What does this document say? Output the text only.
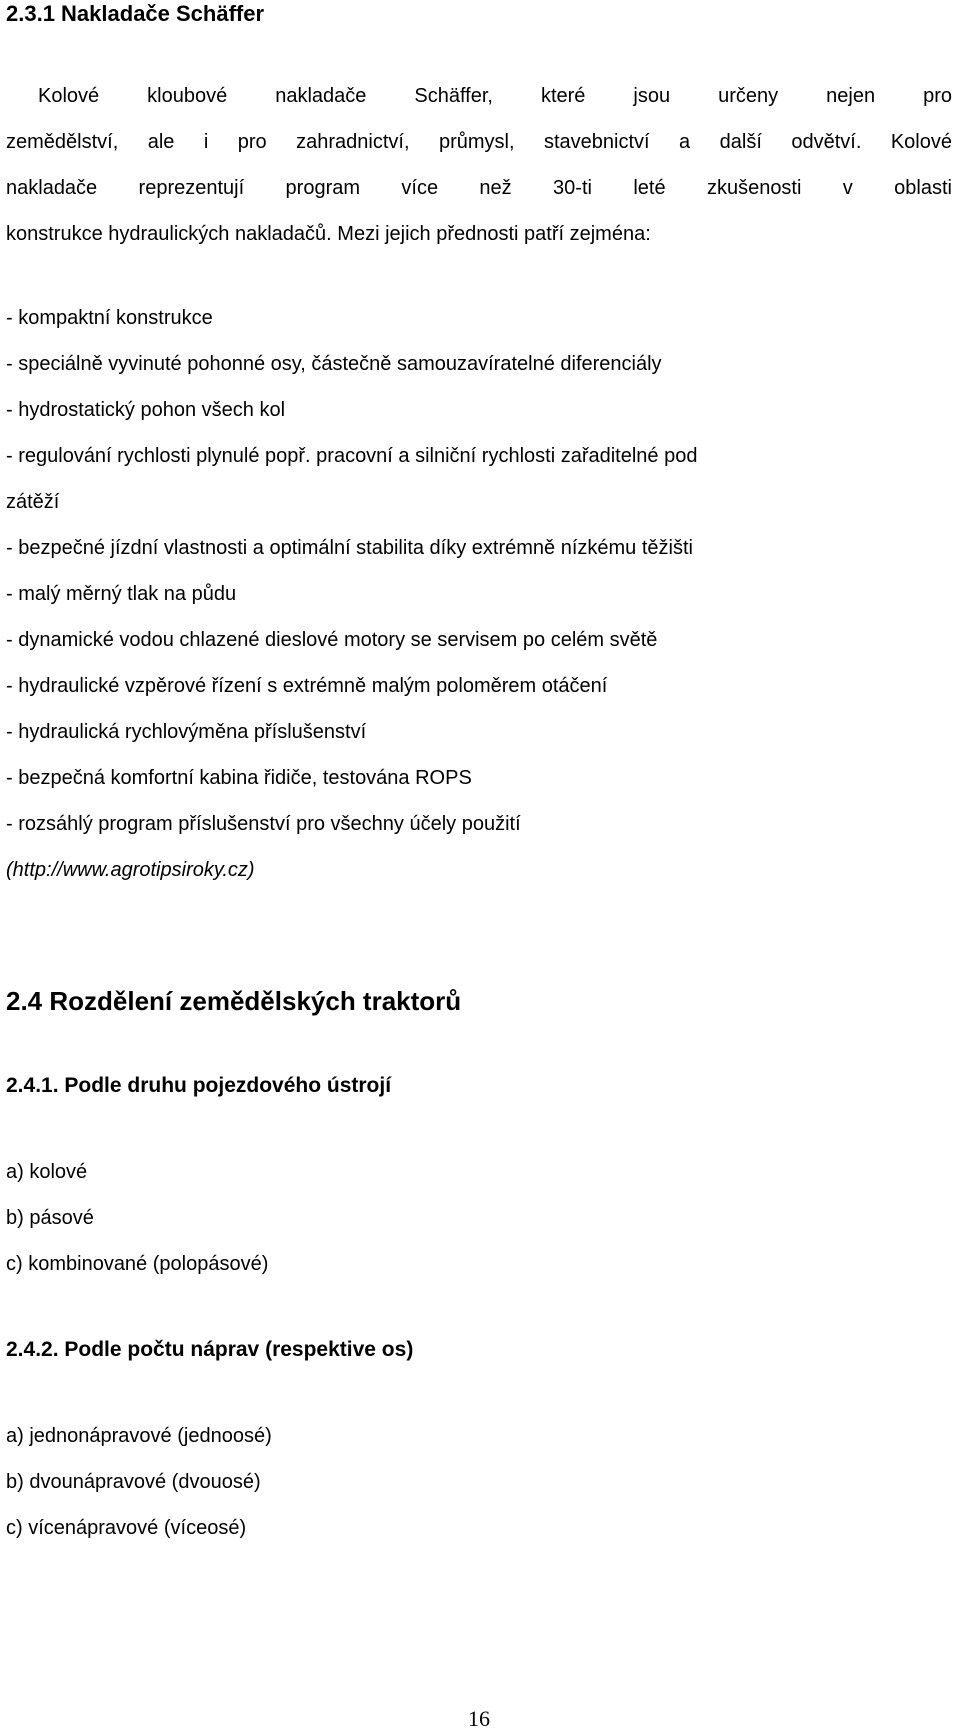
2.3.1 Nakladače Schäffer
Kolové kloubové nakladače Schäffer, které jsou určeny nejen pro
zemědělství, ale i pro zahradnictví, průmysl, stavebnictví a další odvětví. Kolové
nakladače reprezentují program více než 30-ti leté zkušenosti v oblasti
konstrukce hydraulických nakladačů. Mezi jejich přednosti patří zejména:
- kompaktní konstrukce
- speciálně vyvinuté pohonné osy, částečně samouzavíratelné diferenciály
- hydrostatický pohon všech kol
- regulování rychlosti plynulé popř. pracovní a silniční rychlosti zařaditelné pod
zátěží
- bezpečné jízdní vlastnosti a optimální stabilita díky extrémně nízkému těžišti
- malý měrný tlak na půdu
- dynamické vodou chlazené dieslové motory se servisem po celém světě
- hydraulické vzpěrové řízení s extrémně malým poloměrem otáčení
- hydraulická rychlovýměna příslušenství
- bezpečná komfortní kabina řidiče, testována ROPS
- rozsáhlý program příslušenství pro všechny účely použití
(http://www.agrotipsiroky.cz)
2.4 Rozdělení zemědělských traktorů
2.4.1. Podle druhu pojezdového ústrojí
a) kolové
b) pásové
c) kombinované (polopásové)
2.4.2. Podle počtu náprav (respektive os)
a) jednonápravové (jednoosé)
b) dvounápravové (dvouosé)
c) vícenápravové (víceosé)
16
